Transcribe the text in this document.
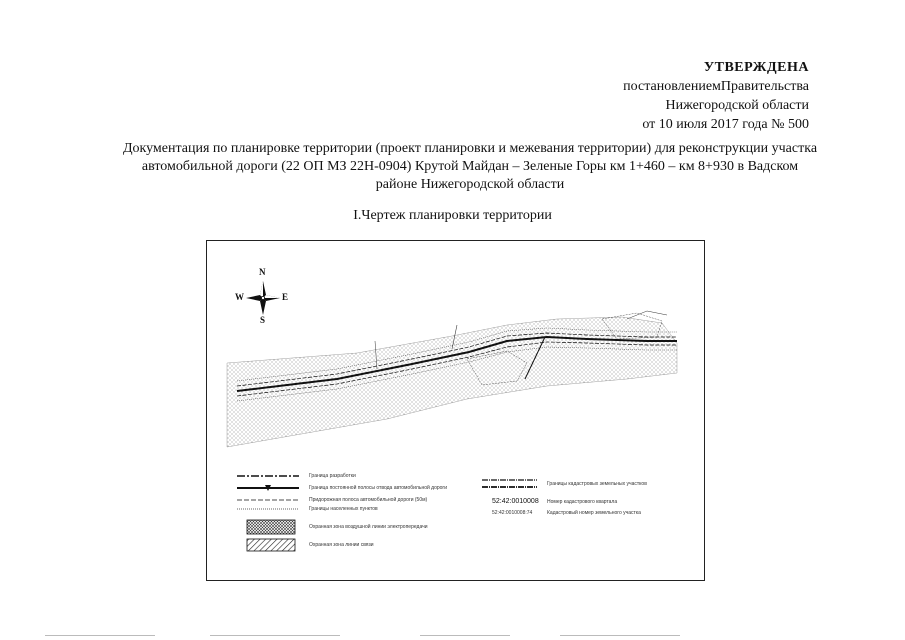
УТВЕРЖДЕНА
постановлениемПравительства
Нижегородской области
от 10 июля 2017 года № 500
Документация по планировке территории (проект планировки и межевания территории) для реконструкции участка автомобильной дороги (22 ОП МЗ 22Н-0904) Крутой Майдан – Зеленые Горы км 1+460 – км 8+930 в Вадском районе Нижегородской области
I.Чертеж планировки территории
N
S
W	E
Граница разработки
Граница постоянной полосы отвода автомобильной дороги
Придорожная полоса автомобильной дороги (50м)
Границы населенных пунктов
Охранная зона воздушной линии электропередачи
Охранная зона линии связи
Границы кадастровых земельных участков
52:42:0010008 Номер кадастрового квартала
52:42:0010008:74	Кадастровый номер земельного участка
